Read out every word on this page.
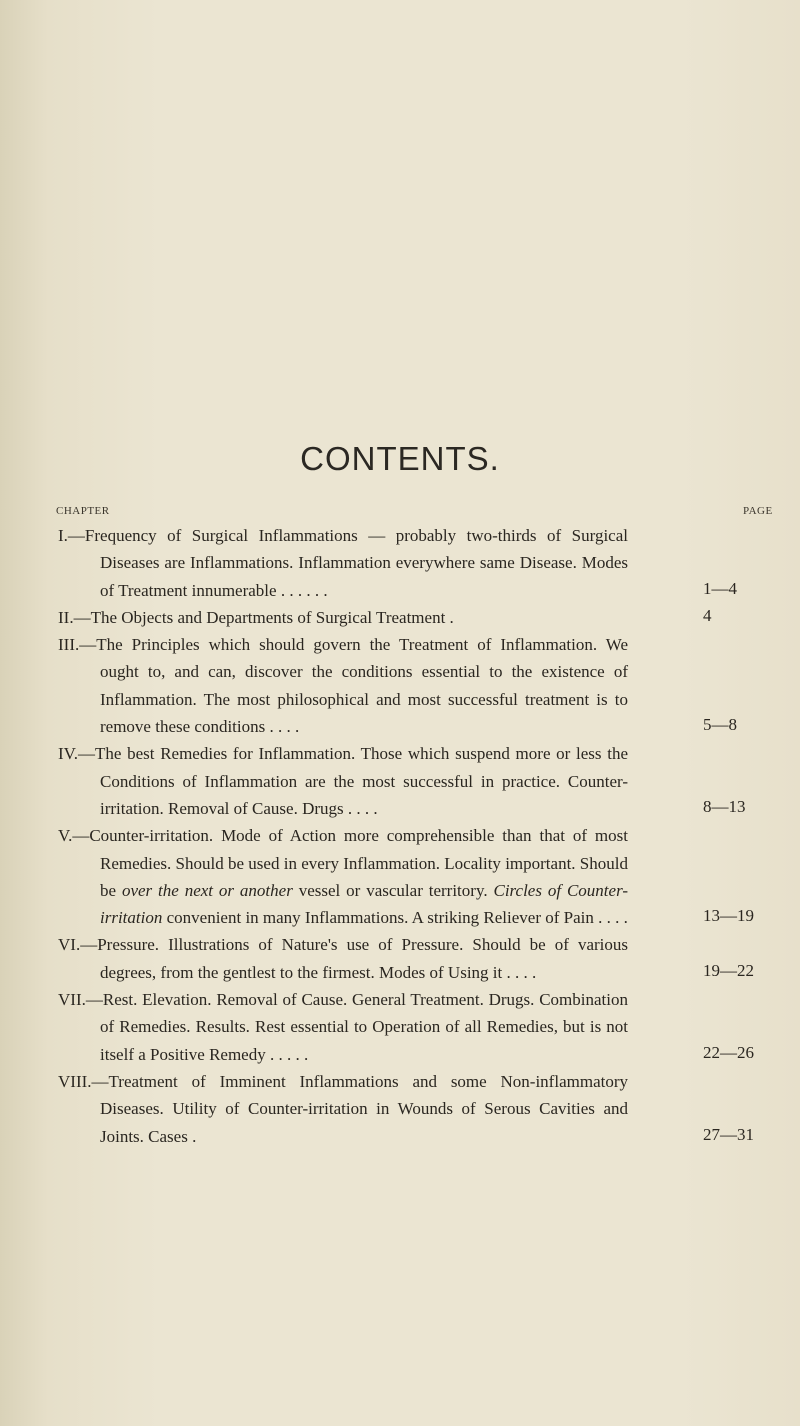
CONTENTS.
CHAPTER	PAGE
I.—Frequency of Surgical Inflammations — probably two-thirds of Surgical Diseases are Inflammations. Inflammation everywhere same Disease. Modes of Treatment innumerable . . . . . .	1—4
II.—The Objects and Departments of Surgical Treatment .	4
III.—The Principles which should govern the Treatment of Inflammation. We ought to, and can, discover the conditions essential to the existence of Inflammation. The most philosophical and most successful treatment is to remove these conditions . . . .	5—8
IV.—The best Remedies for Inflammation. Those which suspend more or less the Conditions of Inflammation are the most successful in practice. Counter-irritation. Removal of Cause. Drugs . . . .	8—13
V.—Counter-irritation. Mode of Action more comprehensible than that of most Remedies. Should be used in every Inflammation. Locality important. Should be over the next or another vessel or vascular territory. Circles of Counter-irritation convenient in many Inflammations. A striking Reliever of Pain . . . .	13—19
VI.—Pressure. Illustrations of Nature's use of Pressure. Should be of various degrees, from the gentlest to the firmest. Modes of Using it . . . .	19—22
VII.—Rest. Elevation. Removal of Cause. General Treatment. Drugs. Combination of Remedies. Results. Rest essential to Operation of all Remedies, but is not itself a Positive Remedy . . . . .	22—26
VIII.—Treatment of Imminent Inflammations and some Non-inflammatory Diseases. Utility of Counter-irritation in Wounds of Serous Cavities and Joints. Cases .	27—31
